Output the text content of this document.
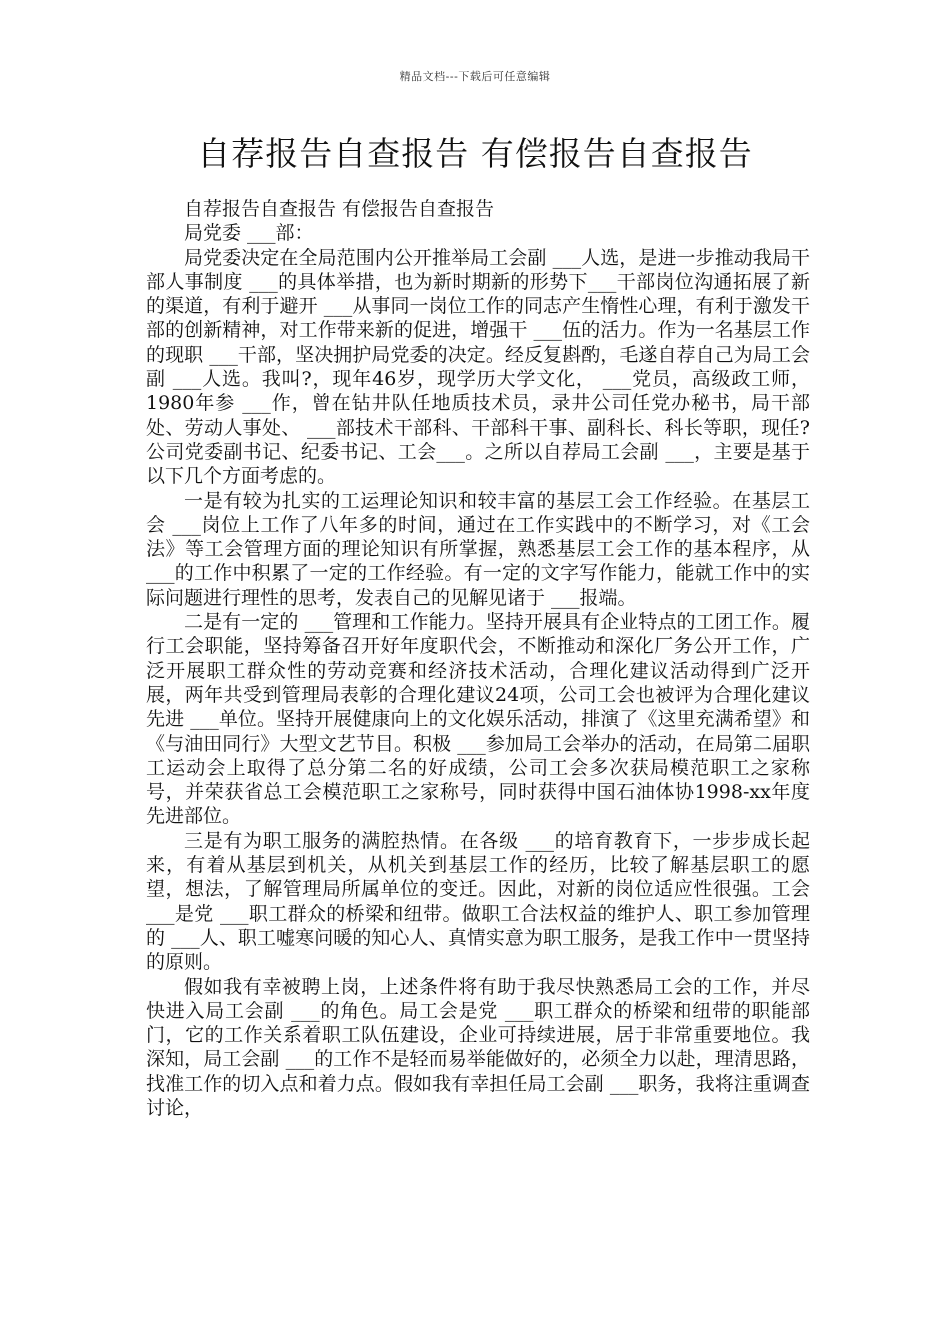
精品文档---下载后可任意编辑
自荐报告自查报告 有偿报告自查报告

自荐报告自查报告 有偿报告自查报告

局党委 ___部：

局党委决定在全局范围内公开推举局工会副 ___人选，是进一步推动我局干部人事制度 ___的具体举措，也为新时期新的形势下___干部岗位沟通拓展了新的渠道，有利于避开 ___从事同一岗位工作的同志产生惰性心理，有利于激发干部的创新精神，对工作带来新的促进，增强干 ___伍的活力。作为一名基层工作的现职 ___干部，坚决拥护局党委的决定。经反复斟酌，毛遂自荐自己为局工会副 ___人选。我叫?，现年46岁，现学历大学文化， ___党员，高级政工师，1980年参 ___作，曾在钻井队任地质技术员，录井公司任党办秘书，局干部处、劳动人事处、 ___部技术干部科、干部科干事、副科长、科长等职，现任?公司党委副书记、纪委书记、工会___。之所以自荐局工会副 ___，主要是基于以下几个方面考虑的。

一是有较为扎实的工运理论知识和较丰富的基层工会工作经验。在基层工会 ___岗位上工作了八年多的时间，通过在工作实践中的不断学习，对《工会法》等工会管理方面的理论知识有所掌握，熟悉基层工会工作的基本程序，从 ___的工作中积累了一定的工作经验。有一定的文字写作能力，能就工作中的实际问题进行理性的思考，发表自己的见解见诸于 ___报端。

二是有一定的 ___管理和工作能力。坚持开展具有企业特点的工团工作。履行工会职能，坚持筹备召开好年度职代会，不断推动和深化厂务公开工作，广泛开展职工群众性的劳动竞赛和经济技术活动，合理化建议活动得到广泛开展，两年共受到管理局表彰的合理化建议24项，公司工会也被评为合理化建议先进 ___单位。坚持开展健康向上的文化娱乐活动，排演了《这里充满希望》和《与油田同行》大型文艺节目。积极 ___参加局工会举办的活动，在局第二届职工运动会上取得了总分第二名的好成绩，公司工会多次获局模范职工之家称号，并荣获省总工会模范职工之家称号，同时获得中国石油体协1998-xx年度先进部位。

三是有为职工服务的满腔热情。在各级 ___的培育教育下，一步步成长起来，有着从基层到机关，从机关到基层工作的经历，比较了解基层职工的愿望，想法，了解管理局所属单位的变迁。因此，对新的岗位适应性很强。工会 ___是党 ___职工群众的桥梁和纽带。做职工合法权益的维护人、职工参加管理的 ___人、职工嘘寒问暖的知心人、真情实意为职工服务，是我工作中一贯坚持的原则。

假如我有幸被聘上岗，上述条件将有助于我尽快熟悉局工会的工作，并尽快进入局工会副 ___的角色。局工会是党 ___职工群众的桥梁和纽带的职能部门，它的工作关系着职工队伍建设，企业可持续进展，居于非常重要地位。我深知，局工会副 ___的工作不是轻而易举能做好的，必须全力以赴，理清思路，找准工作的切入点和着力点。假如我有幸担任局工会副 ___职务，我将注重调查讨论，
